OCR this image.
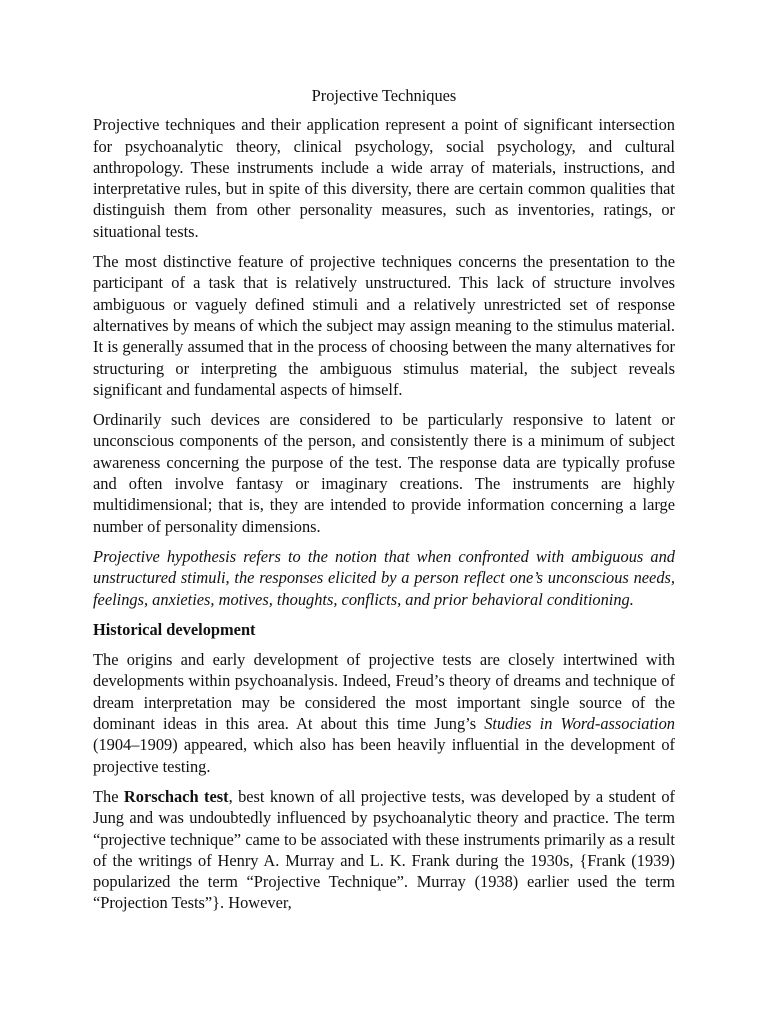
Projective Techniques

Projective techniques and their application represent a point of significant intersection for psychoanalytic theory, clinical psychology, social psychology, and cultural anthropology. These instruments include a wide array of materials, instructions, and interpretative rules, but in spite of this diversity, there are certain common qualities that distinguish them from other personality measures, such as inventories, ratings, or situational tests.

The most distinctive feature of projective techniques concerns the presentation to the participant of a task that is relatively unstructured. This lack of structure involves ambiguous or vaguely defined stimuli and a relatively unrestricted set of response alternatives by means of which the subject may assign meaning to the stimulus material. It is generally assumed that in the process of choosing between the many alternatives for structuring or interpreting the ambiguous stimulus material, the subject reveals significant and fundamental aspects of himself.

Ordinarily such devices are considered to be particularly responsive to latent or unconscious components of the person, and consistently there is a minimum of subject awareness concerning the purpose of the test. The response data are typically profuse and often involve fantasy or imaginary creations. The instruments are highly multidimensional; that is, they are intended to provide information concerning a large number of personality dimensions.

Projective hypothesis refers to the notion that when confronted with ambiguous and unstructured stimuli, the responses elicited by a person reflect one’s unconscious needs, feelings, anxieties, motives, thoughts, conflicts, and prior behavioral conditioning.

Historical development

The origins and early development of projective tests are closely intertwined with developments within psychoanalysis. Indeed, Freud’s theory of dreams and technique of dream interpretation may be considered the most important single source of the dominant ideas in this area. At about this time Jung’s Studies in Word-association (1904–1909) appeared, which also has been heavily influential in the development of projective testing.

The Rorschach test, best known of all projective tests, was developed by a student of Jung and was undoubtedly influenced by psychoanalytic theory and practice. The term “projective technique” came to be associated with these instruments primarily as a result of the writings of Henry A. Murray and L. K. Frank during the 1930s, {Frank (1939) popularized the term “Projective Technique”. Murray (1938) earlier used the term “Projection Tests”}. However,
